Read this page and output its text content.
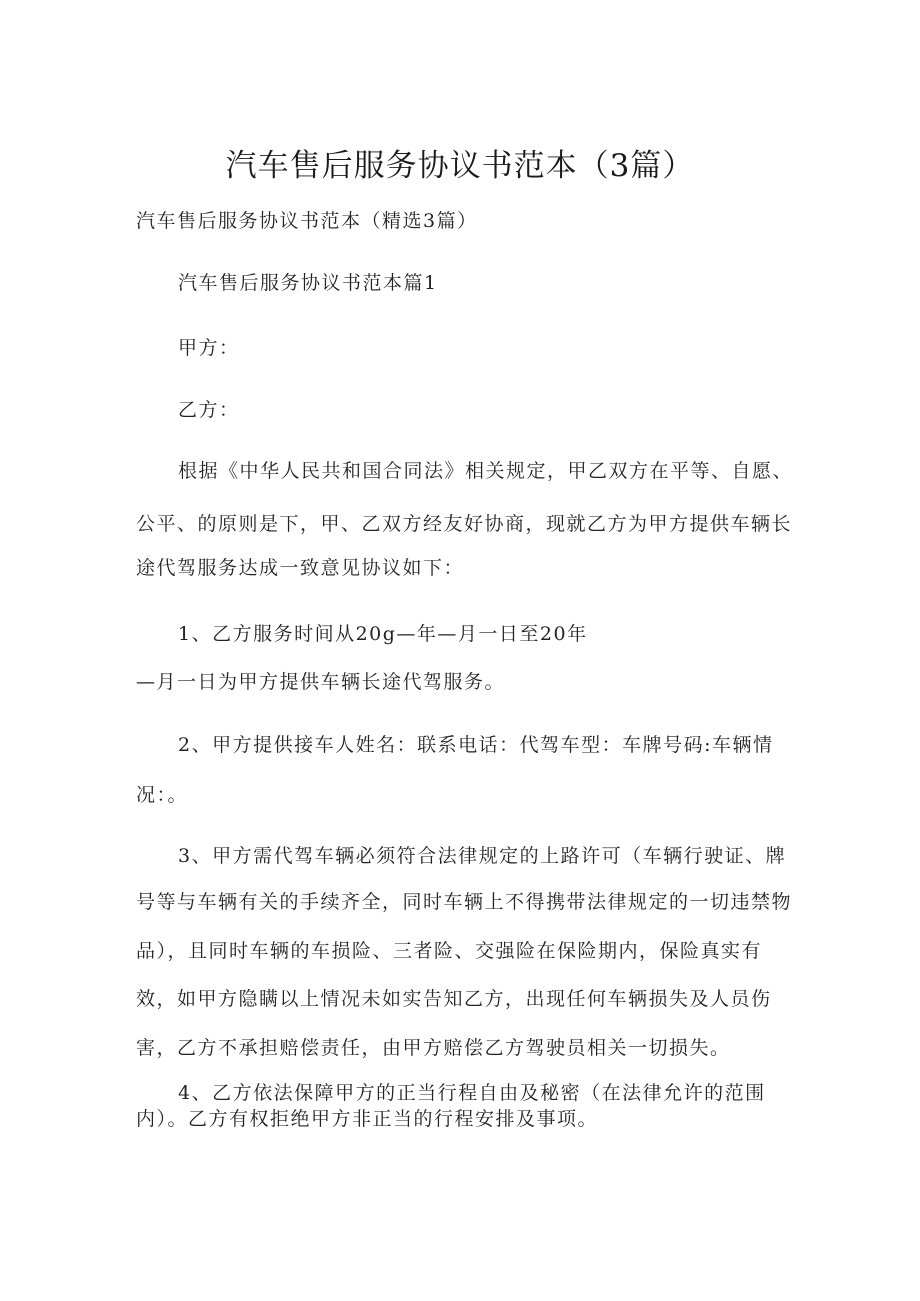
汽车售后服务协议书范本（3篇）
汽车售后服务协议书范本（精选3篇）
汽车售后服务协议书范本篇1
甲方：
乙方：
根据《中华人民共和国合同法》相关规定，甲乙双方在平等、自愿、
公平、的原则是下，甲、乙双方经友好协商，现就乙方为甲方提供车辆长
途代驾服务达成一致意见协议如下：
1、乙方服务时间从20g—年—月一日至20年
—月一日为甲方提供车辆长途代驾服务。
2、甲方提供接车人姓名：联系电话：代驾车型：车牌号码:车辆情
况：。
3、甲方需代驾车辆必须符合法律规定的上路许可（车辆行驶证、牌
号等与车辆有关的手续齐全，同时车辆上不得携带法律规定的一切违禁物
品），且同时车辆的车损险、三者险、交强险在保险期内，保险真实有
效，如甲方隐瞒以上情况未如实告知乙方，出现任何车辆损失及人员伤
害，乙方不承担赔偿责任，由甲方赔偿乙方驾驶员相关一切损失。
4、乙方依法保障甲方的正当行程自由及秘密（在法律允许的范围
内）。乙方有权拒绝甲方非正当的行程安排及事项。
